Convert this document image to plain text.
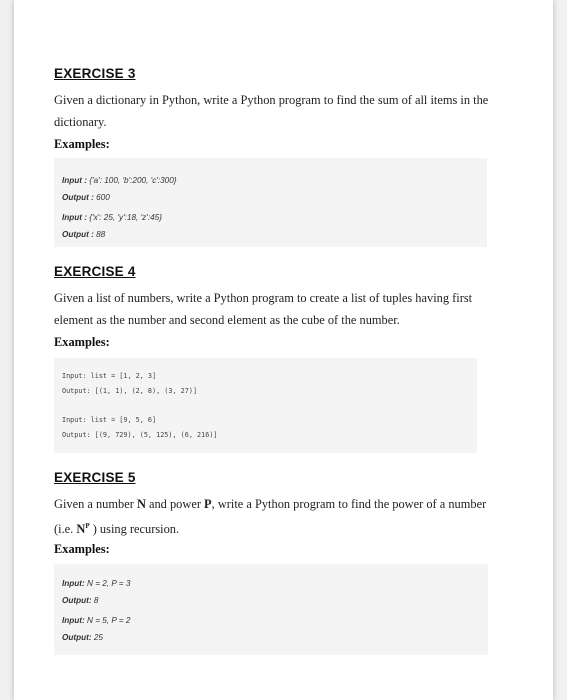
EXERCISE 3

Given a dictionary in Python, write a Python program to find the sum of all items in the dictionary.

Examples:

Input : {'a': 100, 'b':200, 'c':300}
Output : 600
Input : {'x': 25, 'y':18, 'z':45}
Output : 88
EXERCISE 4

Given a list of numbers, write a Python program to create a list of tuples having first element as the number and second element as the cube of the number.

Examples:

Input: list = [1, 2, 3]
Output: [(1, 1), (2, 8), (3, 27)]
Input: list = [9, 5, 6]
Output: [(9, 729), (5, 125), (6, 216)]
EXERCISE 5

Given a number N and power P, write a Python program to find the power of a number (i.e. $N^P$ ) using recursion.

Examples:

Input: N = 2, P = 3
Output: 8
Input: N = 5, P = 2
Output: 25
